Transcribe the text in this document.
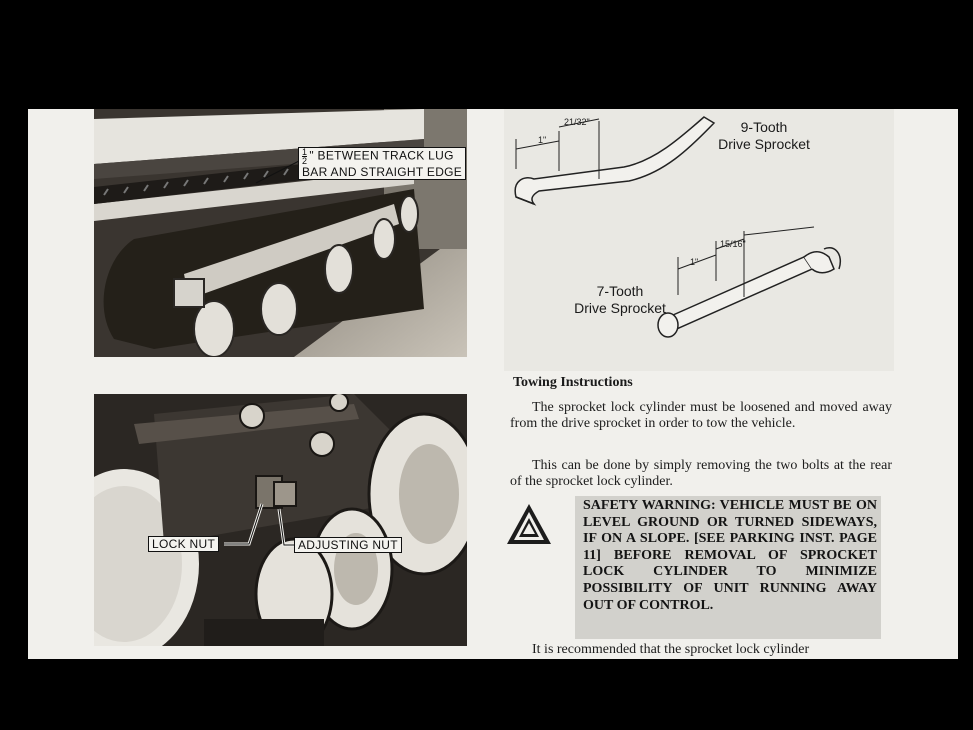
$\frac{1}{2}$ " BETWEEN TRACK LUG
BAR AND STRAIGHT EDGE
LOCK NUT	ADJUSTING NUT
1"
21/32"
1"
15/16"
9-Tooth
Drive Sprocket
7-Tooth
Drive Sprocket
Towing Instructions
The sprocket lock cylinder must be loosened and moved away from the drive sprocket in order to tow the vehicle.
This can be done by simply removing the two bolts at the rear of the sprocket lock cylinder.
SAFETY WARNING: VEHICLE MUST BE ON LEVEL GROUND OR TURNED SIDEWAYS, IF ON A SLOPE. [SEE PARKING INST. PAGE 11] BEFORE REMOVAL OF SPROCKET LOCK CYLINDER TO MINIMIZE POSSIBILITY OF UNIT RUNNING AWAY OUT OF CONTROL.
It is recommended that the sprocket lock cylinder
